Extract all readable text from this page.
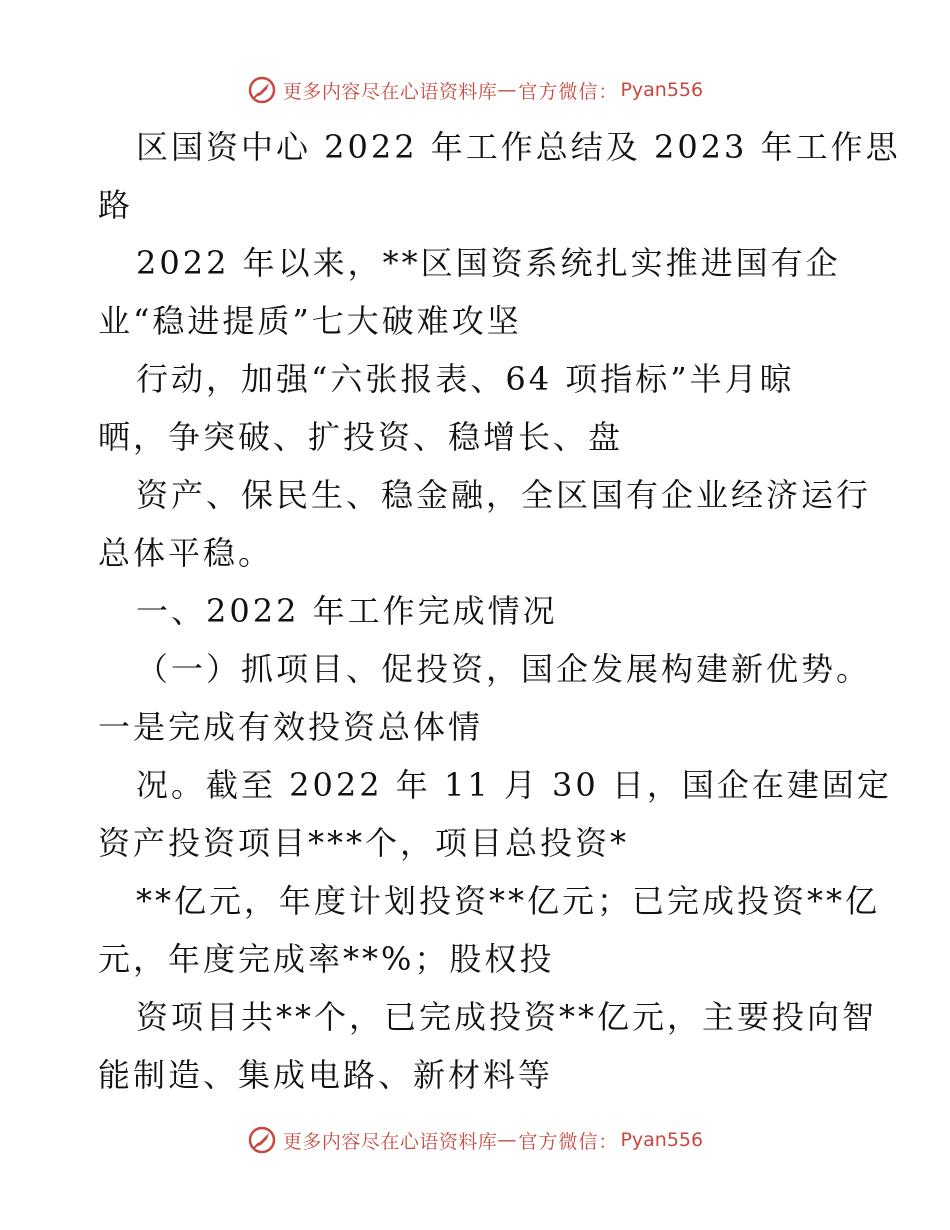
更多内容尽在心语资料库 — 官方微信： Pyan556
区国资中心 2022 年工作总结及 2023 年工作思
路
2022 年以来，**区国资系统扎实推进国有企
业“稳进提质”七大破难攻坚
行动，加强“六张报表、64 项指标”半月晾
晒，争突破、扩投资、稳增长、盘
资产、保民生、稳金融，全区国有企业经济运行
总体平稳。
一、2022 年工作完成情况
（一）抓项目、促投资，国企发展构建新优势。
一是完成有效投资总体情
况。截至 2022 年 11 月 30 日，国企在建固定
资产投资项目***个，项目总投资*
**亿元，年度计划投资**亿元；已完成投资**亿
元，年度完成率**%；股权投
资项目共**个，已完成投资**亿元，主要投向智
能制造、集成电路、新材料等
更多内容尽在心语资料库 — 官方微信： Pyan556
